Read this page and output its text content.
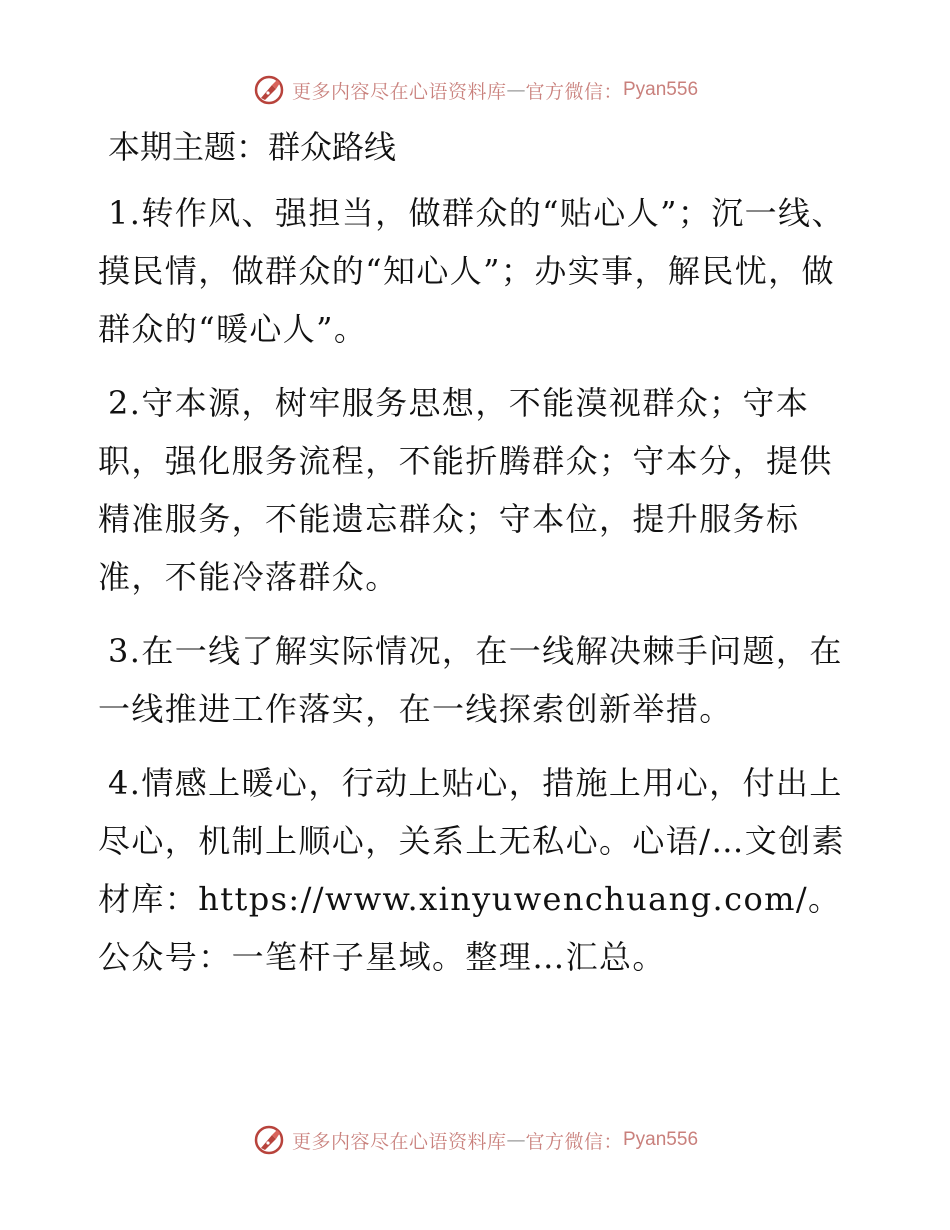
更多内容尽在心语资料库 — 官方微信： Pyan556
本期主题：群众路线

1.转作风、强担当，做群众的“贴心人”；沉一线、摸民情，做群众的“知心人”；办实事，解民忧，做群众的“暖心人”。

2.守本源，树牢服务思想，不能漠视群众；守本职，强化服务流程，不能折腾群众；守本分，提供精准服务，不能遗忘群众；守本位，提升服务标准，不能冷落群众。

3.在一线了解实际情况，在一线解决棘手问题，在一线推进工作落实，在一线探索创新举措。

4.情感上暖心，行动上贴心，措施上用心，付出上尽心，机制上顺心，关系上无私心。心语/…文创素材库：https://www.xinyuwenchuang.com/。公众号：一笔杆子星域。整理…汇总。

更多内容尽在心语资料库 — 官方微信： Pyan556
